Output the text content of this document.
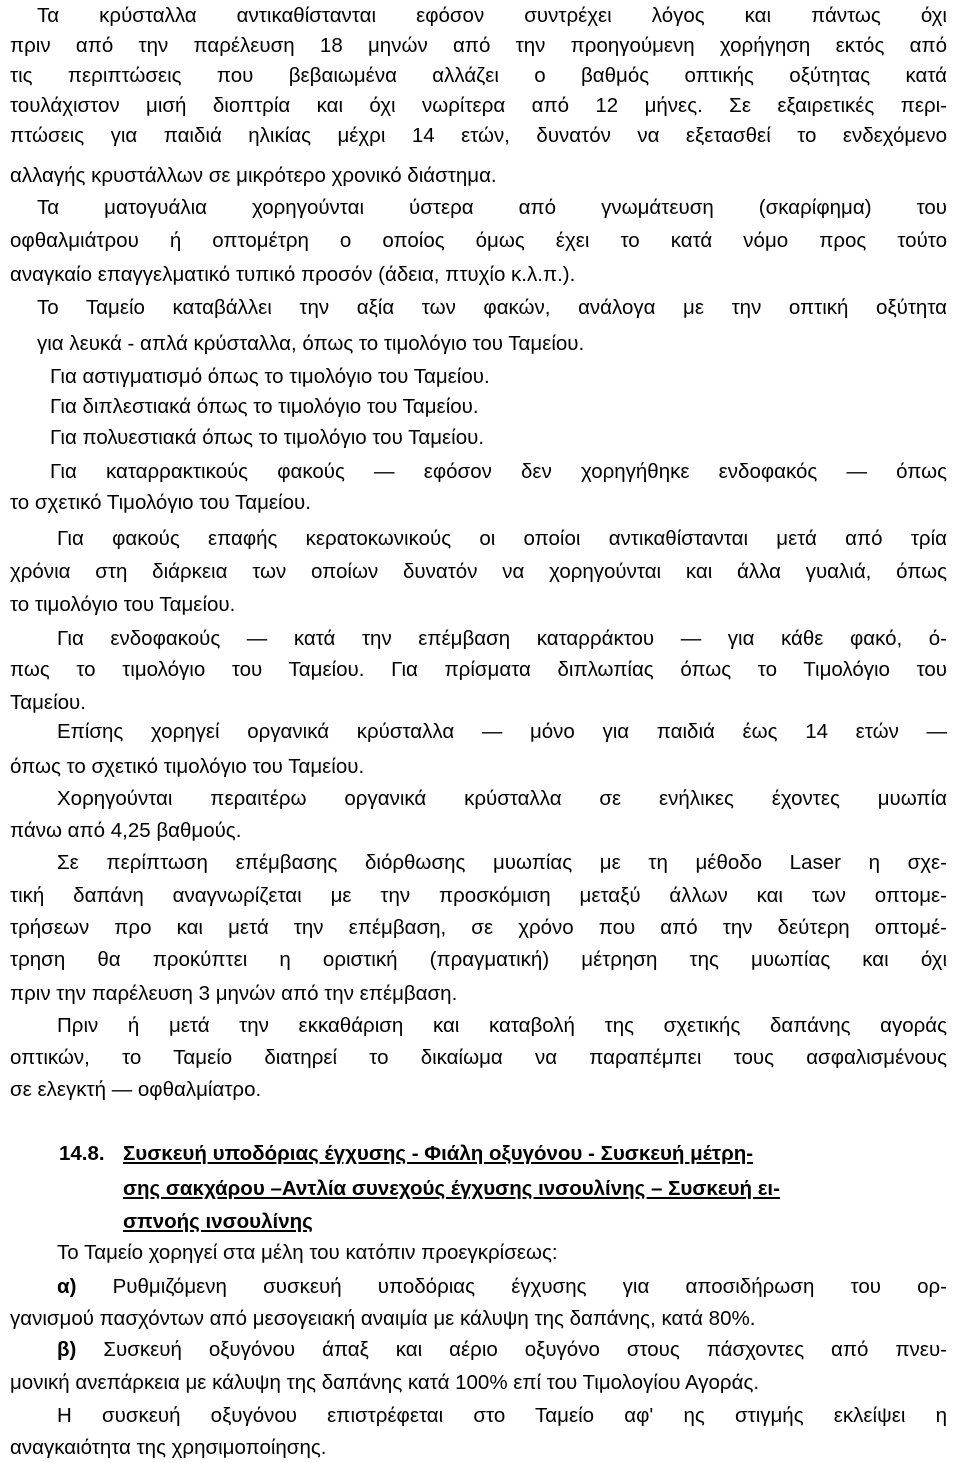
Τα κρύσταλλα αντικαθίστανται εφόσον συντρέχει λόγος και πάντως όχι
πριν από την παρέλευση 18 μηνών από την προηγούμενη χορήγηση εκτός από
τις περιπτώσεις που βεβαιωμένα αλλάζει ο βαθμός οπτικής οξύτητας κατά
τουλάχιστον μισή διοπτρία και όχι νωρίτερα από 12 μήνες. Σε εξαιρετικές περι-
πτώσεις για παιδιά ηλικίας μέχρι 14 ετών, δυνατόν να εξετασθεί το ενδεχόμενο
αλλαγής κρυστάλλων σε μικρότερο χρονικό διάστημα.
Τα ματογυάλια χορηγούνται ύστερα από γνωμάτευση (σκαρίφημα) του
οφθαλμιάτρου ή οπτομέτρη ο οποίος όμως έχει το κατά νόμο προς τούτο
αναγκαίο επαγγελματικό τυπικό προσόν (άδεια, πτυχίο κ.λ.π.).
Το Ταμείο καταβάλλει την αξία των φακών, ανάλογα με την οπτική οξύτητα
για λευκά - απλά κρύσταλλα, όπως το τιμολόγιο του Ταμείου.
Για αστιγματισμό όπως το τιμολόγιο του Ταμείου.
Για διπλεστιακά όπως το τιμολόγιο του Ταμείου.
Για πολυεστιακά όπως το τιμολόγιο του Ταμείου.
Για καταρρακτικούς φακούς — εφόσον δεν χορηγήθηκε ενδοφακός — όπως
το σχετικό Τιμολόγιο του Ταμείου.
Για φακούς επαφής κερατοκωνικούς οι οποίοι αντικαθίστανται μετά από τρία
χρόνια στη διάρκεια των οποίων δυνατόν να χορηγούνται και άλλα γυαλιά, όπως
το τιμολόγιο του Ταμείου.
Για ενδοφακούς — κατά την επέμβαση καταρράκτου — για κάθε φακό, ό-
πως το τιμολόγιο του Ταμείου. Για πρίσματα διπλωπίας όπως το Τιμολόγιο του
Ταμείου.
Επίσης χορηγεί οργανικά κρύσταλλα — μόνο για παιδιά έως 14 ετών —
όπως το σχετικό τιμολόγιο του Ταμείου.
Χορηγούνται περαιτέρω οργανικά κρύσταλλα σε ενήλικες έχοντες μυωπία
πάνω από 4,25 βαθμούς.
Σε περίπτωση επέμβασης διόρθωσης μυωπίας με τη μέθοδο Laser η σχε-
τική δαπάνη αναγνωρίζεται με την προσκόμιση μεταξύ άλλων και των οπτομε-
τρήσεων προ και μετά την επέμβαση, σε χρόνο που από την δεύτερη οπτομέ-
τρηση θα προκύπτει η οριστική (πραγματική) μέτρηση της μυωπίας και όχι
πριν την παρέλευση 3 μηνών από την επέμβαση.
Πριν ή μετά την εκκαθάριση και καταβολή της σχετικής δαπάνης αγοράς
οπτικών, το Ταμείο διατηρεί το δικαίωμα να παραπέμπει τους ασφαλισμένους
σε ελεγκτή — οφθαλμίατρο.
14.8. Συσκευή υποδόριας έγχυσης - Φιάλη οξυγόνου - Συσκευή μέτρη-
σης σακχάρου –Αντλία συνεχούς έγχυσης ινσουλίνης – Συσκευή ει-
σπνοής ινσουλίνης
Το Ταμείο χορηγεί στα μέλη του κατόπιν προεγκρίσεως:
α) Ρυθμιζόμενη συσκευή υποδόριας έγχυσης για αποσιδήρωση του ορ-
γανισμού πασχόντων από μεσογειακή αναιμία με κάλυψη της δαπάνης, κατά 80%.
β) Συσκευή οξυγόνου άπαξ και αέριο οξυγόνο στους πάσχοντες από πνευ-
μονική ανεπάρκεια με κάλυψη της δαπάνης κατά 100% επί του Τιμολογίου Αγοράς.
Η συσκευή οξυγόνου επιστρέφεται στο Ταμείο αφ' ης στιγμής εκλείψει η
αναγκαιότητα της χρησιμοποίησης.
